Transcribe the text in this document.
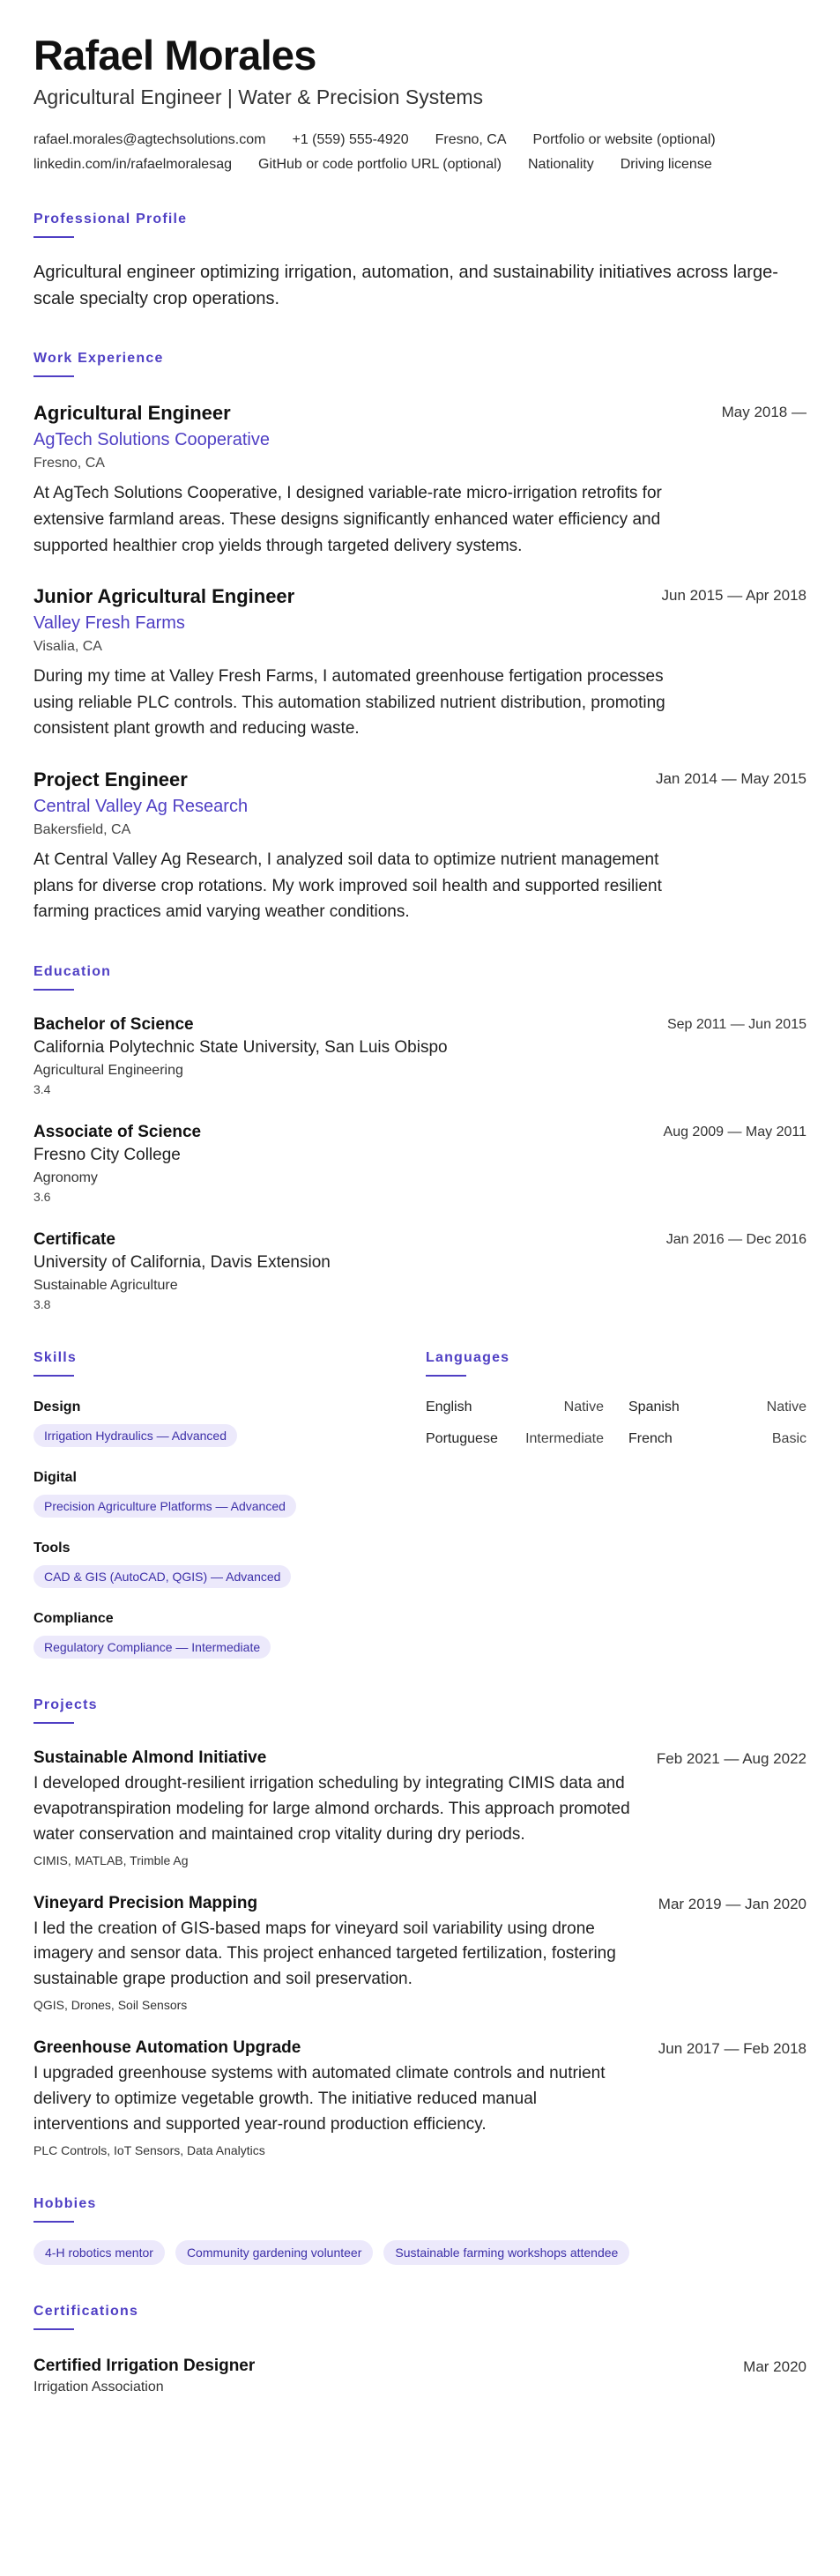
Rafael Morales
Agricultural Engineer | Water & Precision Systems
rafael.morales@agtechsolutions.com +1 (559) 555-4920 Fresno, CA Portfolio or website (optional)
linkedin.com/in/rafaelmoralesag GitHub or code portfolio URL (optional) Nationality Driving license
Professional Profile
Agricultural engineer optimizing irrigation, automation, and sustainability initiatives across large-scale specialty crop operations.
Work Experience
May 2018 —
Agricultural Engineer
AgTech Solutions Cooperative
Fresno, CA
At AgTech Solutions Cooperative, I designed variable-rate micro-irrigation retrofits for extensive farmland areas. These designs significantly enhanced water efficiency and supported healthier crop yields through targeted delivery systems.
Jun 2015 — Apr 2018
Junior Agricultural Engineer
Valley Fresh Farms
Visalia, CA
During my time at Valley Fresh Farms, I automated greenhouse fertigation processes using reliable PLC controls. This automation stabilized nutrient distribution, promoting consistent plant growth and reducing waste.
Jan 2014 — May 2015
Project Engineer
Central Valley Ag Research
Bakersfield, CA
At Central Valley Ag Research, I analyzed soil data to optimize nutrient management plans for diverse crop rotations. My work improved soil health and supported resilient farming practices amid varying weather conditions.
Education
Sep 2011 — Jun 2015
Bachelor of Science
California Polytechnic State University, San Luis Obispo
Agricultural Engineering
3.4
Aug 2009 — May 2011
Associate of Science
Fresno City College
Agronomy
3.6
Jan 2016 — Dec 2016
Certificate
University of California, Davis Extension
Sustainable Agriculture
3.8
Skills
Design
Irrigation Hydraulics — Advanced
Digital
Precision Agriculture Platforms — Advanced
Tools
CAD & GIS (AutoCAD, QGIS) — Advanced
Compliance
Regulatory Compliance — Intermediate
Languages
English	Native Spanish	Native
Portuguese Intermediate French	Basic
Projects
Feb 2021 — Aug 2022
Sustainable Almond Initiative
I developed drought-resilient irrigation scheduling by integrating CIMIS data and evapotranspiration modeling for large almond orchards. This approach promoted water conservation and maintained crop vitality during dry periods.
CIMIS, MATLAB, Trimble Ag
Mar 2019 — Jan 2020
Vineyard Precision Mapping
I led the creation of GIS-based maps for vineyard soil variability using drone imagery and sensor data. This project enhanced targeted fertilization, fostering sustainable grape production and soil preservation.
QGIS, Drones, Soil Sensors
Jun 2017 — Feb 2018
Greenhouse Automation Upgrade
I upgraded greenhouse systems with automated climate controls and nutrient delivery to optimize vegetable growth. The initiative reduced manual interventions and supported year-round production efficiency.
PLC Controls, IoT Sensors, Data Analytics
Hobbies
4-H robotics mentor	Community gardening volunteer	Sustainable farming workshops attendee
Certifications
Mar 2020
Certified Irrigation Designer
Irrigation Association
